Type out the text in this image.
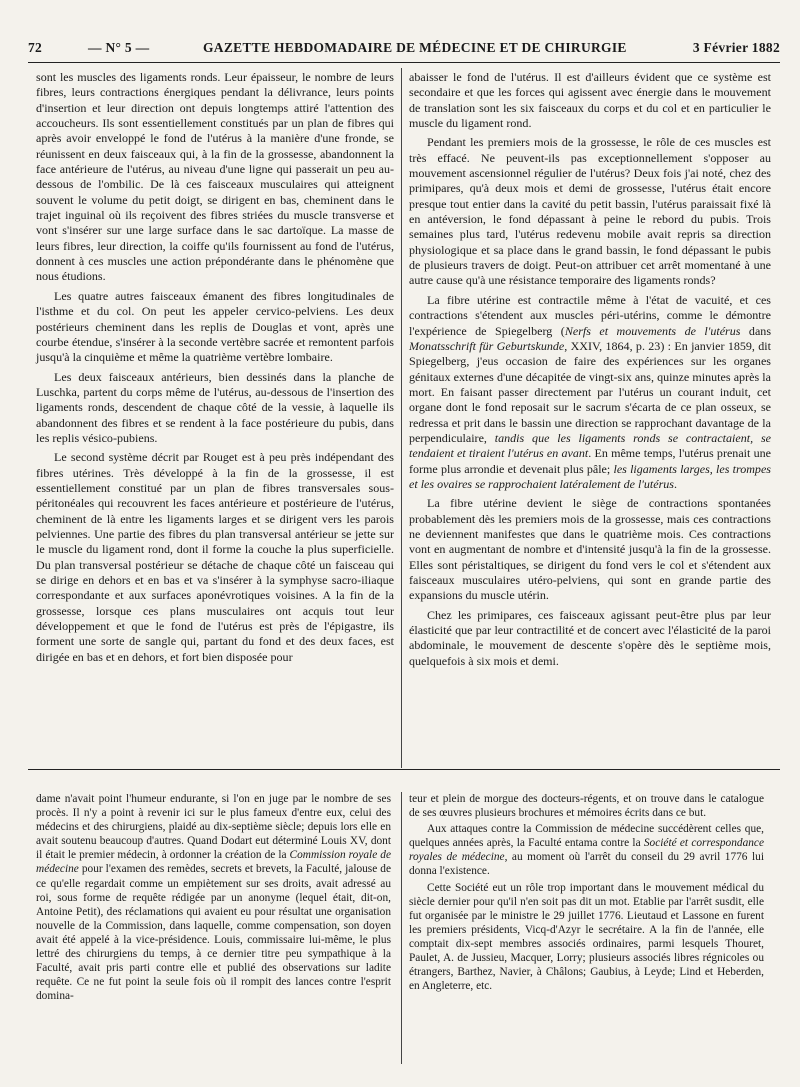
72	— N° 5 —	GAZETTE HEBDOMADAIRE DE MÉDECINE ET DE CHIRURGIE	3 Février 1882

sont les muscles des ligaments ronds. Leur épaisseur, le nombre de leurs fibres, leurs contractions énergiques pendant la délivrance, leurs points d'insertion et leur direction ont depuis longtemps attiré l'attention des accoucheurs. Ils sont essentiellement constitués par un plan de fibres qui après avoir enveloppé le fond de l'utérus à la manière d'une fronde, se réunissent en deux faisceaux qui, à la fin de la grossesse, abandonnent la face antérieure de l'utérus, au niveau d'une ligne qui passerait un peu au-dessous de l'ombilic. De là ces faisceaux musculaires qui atteignent souvent le volume du petit doigt, se dirigent en bas, cheminent dans le trajet inguinal où ils reçoivent des fibres striées du muscle transverse et vont s'insérer sur une large surface dans le sac dartoïque. La masse de leurs fibres, leur direction, la coiffe qu'ils fournissent au fond de l'utérus, donnent à ces muscles une action prépondérante dans le phénomène que nous étudions.

Les quatre autres faisceaux émanent des fibres longitudinales de l'isthme et du col. On peut les appeler cervico-pelviens. Les deux postérieurs cheminent dans les replis de Douglas et vont, après une courbe étendue, s'insérer à la seconde vertèbre sacrée et remontent parfois jusqu'à la cinquième et même la quatrième vertèbre lombaire.

Les deux faisceaux antérieurs, bien dessinés dans la planche de Luschka, partent du corps même de l'utérus, au-dessous de l'insertion des ligaments ronds, descendent de chaque côté de la vessie, à laquelle ils abandonnent des fibres et se rendent à la face postérieure du pubis, dans les replis vésico-pubiens.

Le second système décrit par Rouget est à peu près indépendant des fibres utérines. Très développé à la fin de la grossesse, il est essentiellement constitué par un plan de fibres transversales sous-péritonéales qui recouvrent les faces antérieure et postérieure de l'utérus, cheminent de là entre les ligaments larges et se dirigent vers les parois pelviennes. Une partie des fibres du plan transversal antérieur se jette sur le muscle du ligament rond, dont il forme la couche la plus superficielle. Du plan transversal postérieur se détache de chaque côté un faisceau qui se dirige en dehors et en bas et va s'insérer à la symphyse sacro-iliaque correspondante et aux surfaces aponévrotiques voisines. A la fin de la grossesse, lorsque ces plans musculaires ont acquis tout leur développement et que le fond de l'utérus est près de l'épigastre, ils forment une sorte de sangle qui, partant du fond et des deux faces, est dirigée en bas et en dehors, et fort bien disposée pour

abaisser le fond de l'utérus. Il est d'ailleurs évident que ce système est secondaire et que les forces qui agissent avec énergie dans le mouvement de translation sont les six faisceaux du corps et du col et en particulier le muscle du ligament rond.

Pendant les premiers mois de la grossesse, le rôle de ces muscles est très effacé. Ne peuvent-ils pas exceptionnellement s'opposer au mouvement ascensionnel régulier de l'utérus? Deux fois j'ai noté, chez des primipares, qu'à deux mois et demi de grossesse, l'utérus était encore presque tout entier dans la cavité du petit bassin, l'utérus paraissait fixé là en antéversion, le fond dépassant à peine le rebord du pubis. Trois semaines plus tard, l'utérus redevenu mobile avait repris sa direction physiologique et sa place dans le grand bassin, le fond dépassant le pubis de plusieurs travers de doigt. Peut-on attribuer cet arrêt momentané à une autre cause qu'à une résistance temporaire des ligaments ronds?

La fibre utérine est contractile même à l'état de vacuité, et ces contractions s'étendent aux muscles péri-utérins, comme le démontre l'expérience de Spiegelberg (Nerfs et mouvements de l'utérus dans Monatsschrift für Geburtskunde, XXIV, 1864, p. 23) : En janvier 1859, dit Spiegelberg, j'eus occasion de faire des expériences sur les organes génitaux externes d'une décapitée de vingt-six ans, quinze minutes après la mort. En faisant passer directement par l'utérus un courant induit, cet organe dont le fond reposait sur le sacrum s'écarta de ce plan osseux, se redressa et prit dans le bassin une direction se rapprochant davantage de la perpendiculaire, tandis que les ligaments ronds se contractaient, se tendaient et tiraient l'utérus en avant. En même temps, l'utérus prenait une forme plus arrondie et devenait plus pâle; les ligaments larges, les trompes et les ovaires se rapprochaient latéralement de l'utérus.

La fibre utérine devient le siège de contractions spontanées probablement dès les premiers mois de la grossesse, mais ces contractions ne deviennent manifestes que dans le quatrième mois. Ces contractions vont en augmentant de nombre et d'intensité jusqu'à la fin de la grossesse. Elles sont péristaltiques, se dirigent du fond vers le col et s'étendent aux faisceaux musculaires utéro-pelviens, qui sont en grande partie des expansions du muscle utérin.

Chez les primipares, ces faisceaux agissant peut-être plus par leur élasticité que par leur contractilité et de concert avec l'élasticité de la paroi abdominale, le mouvement de descente s'opère dès le septième mois, quelquefois à six mois et demi.

dame n'avait point l'humeur endurante, si l'on en juge par le nombre de ses procès. Il n'y a point à revenir ici sur le plus fameux d'entre eux, celui des médecins et des chirurgiens, plaidé au dix-septième siècle; depuis lors elle en avait soutenu beaucoup d'autres. Quand Dodart eut déterminé Louis XV, dont il était le premier médecin, à ordonner la création de la Commission royale de médecine pour l'examen des remèdes, secrets et brevets, la Faculté, jalouse de ce qu'elle regardait comme un empiètement sur ses droits, avait adressé au roi, sous forme de requête rédigée par un anonyme (lequel était, dit-on, Antoine Petit), des réclamations qui avaient eu pour résultat une organisation nouvelle de la Commission, dans laquelle, comme compensation, son doyen avait été appelé à la vice-présidence. Louis, commissaire lui-même, le plus lettré des chirurgiens du temps, à ce dernier titre peu sympathique à la Faculté, avait pris parti contre elle et publié des observations sur ladite requête. Ce ne fut point la seule fois où il rompit des lances contre l'esprit domina-

teur et plein de morgue des docteurs-régents, et on trouve dans le catalogue de ses œuvres plusieurs brochures et mémoires écrits dans ce but.

Aux attaques contre la Commission de médecine succédèrent celles que, quelques années après, la Faculté entama contre la Société et correspondance royales de médecine, au moment où l'arrêt du conseil du 29 avril 1776 lui donna l'existence.

Cette Société eut un rôle trop important dans le mouvement médical du siècle dernier pour qu'il n'en soit pas dit un mot. Etablie par l'arrêt susdit, elle fut organisée par le ministre le 29 juillet 1776. Lieutaud et Lassone en furent les premiers présidents, Vicq-d'Azyr le secrétaire. A la fin de l'année, elle comptait dix-sept membres associés ordinaires, parmi lesquels Thouret, Paulet, A. de Jussieu, Macquer, Lorry; plusieurs associés libres régnicoles ou étrangers, Barthez, Navier, à Châlons; Gaubius, à Leyde; Lind et Heberden, en Angleterre, etc.
